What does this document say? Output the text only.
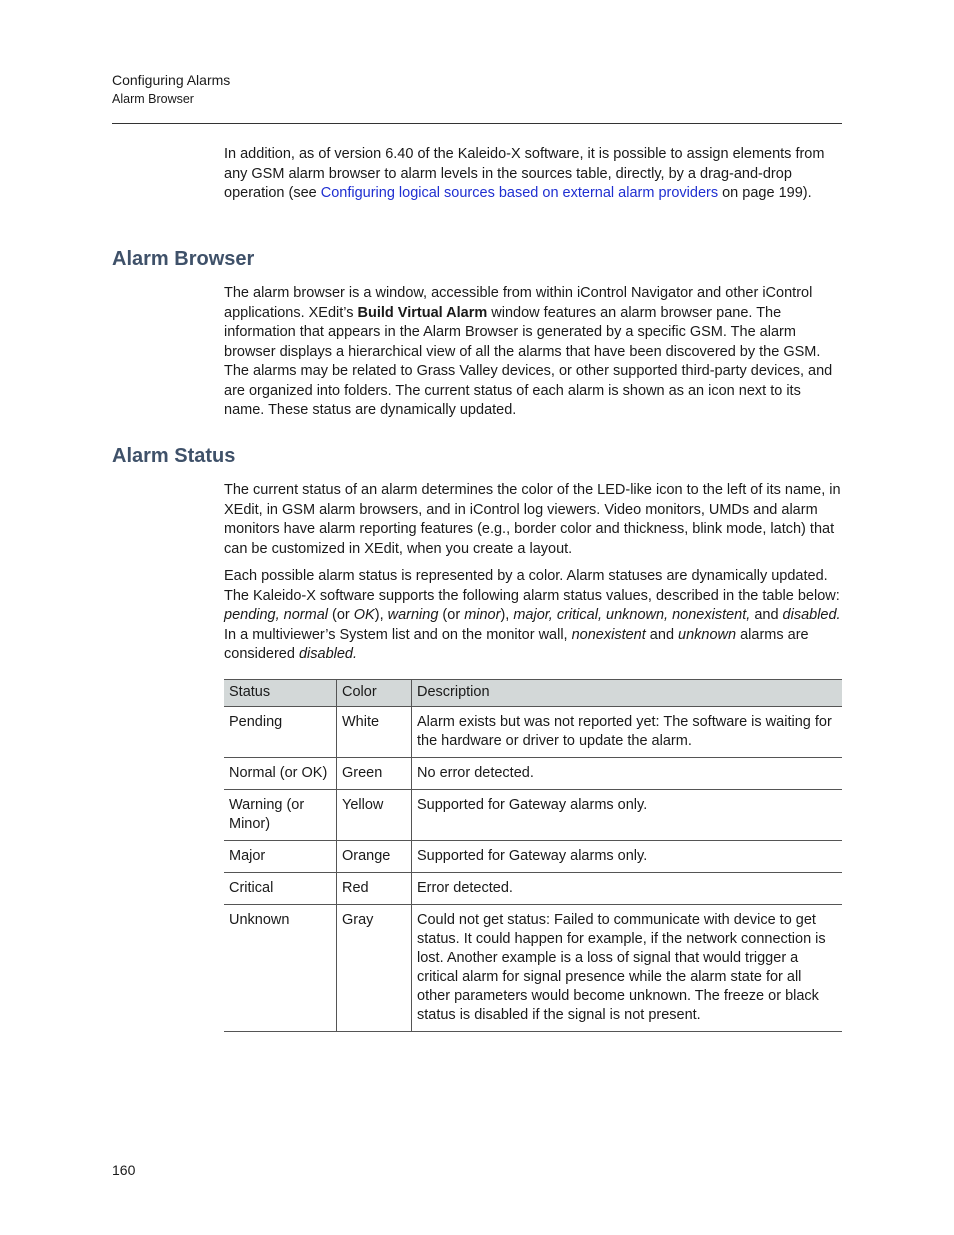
Configuring Alarms
Alarm Browser

In addition, as of version 6.40 of the Kaleido-X software, it is possible to assign elements from any GSM alarm browser to alarm levels in the sources table, directly, by a drag-and-drop operation (see Configuring logical sources based on external alarm providers on page 199).

Alarm Browser

The alarm browser is a window, accessible from within iControl Navigator and other iControl applications. XEdit’s Build Virtual Alarm window features an alarm browser pane. The information that appears in the Alarm Browser is generated by a specific GSM. The alarm browser displays a hierarchical view of all the alarms that have been discovered by the GSM. The alarms may be related to Grass Valley devices, or other supported third-party devices, and are organized into folders. The current status of each alarm is shown as an icon next to its name. These status are dynamically updated.

Alarm Status

The current status of an alarm determines the color of the LED-like icon to the left of its name, in XEdit, in GSM alarm browsers, and in iControl log viewers. Video monitors, UMDs and alarm monitors have alarm reporting features (e.g., border color and thickness, blink mode, latch) that can be customized in XEdit, when you create a layout.

Each possible alarm status is represented by a color. Alarm statuses are dynamically updated. The Kaleido-X software supports the following alarm status values, described in the table below: pending, normal (or OK), warning (or minor), major, critical, unknown, nonexistent, and disabled. In a multiviewer’s System list and on the monitor wall, nonexistent and unknown alarms are considered disabled.

Status	Color	Description
Pending	White	Alarm exists but was not reported yet: The software is waiting for the hardware or driver to update the alarm.
Normal (or OK)	Green	No error detected.
Warning (or Minor)	Yellow	Supported for Gateway alarms only.
Major	Orange	Supported for Gateway alarms only.
Critical	Red	Error detected.
Unknown	Gray	Could not get status: Failed to communicate with device to get status. It could happen for example, if the network connection is lost. Another example is a loss of signal that would trigger a critical alarm for signal presence while the alarm state for all other parameters would become unknown. The freeze or black status is disabled if the signal is not present.
160
